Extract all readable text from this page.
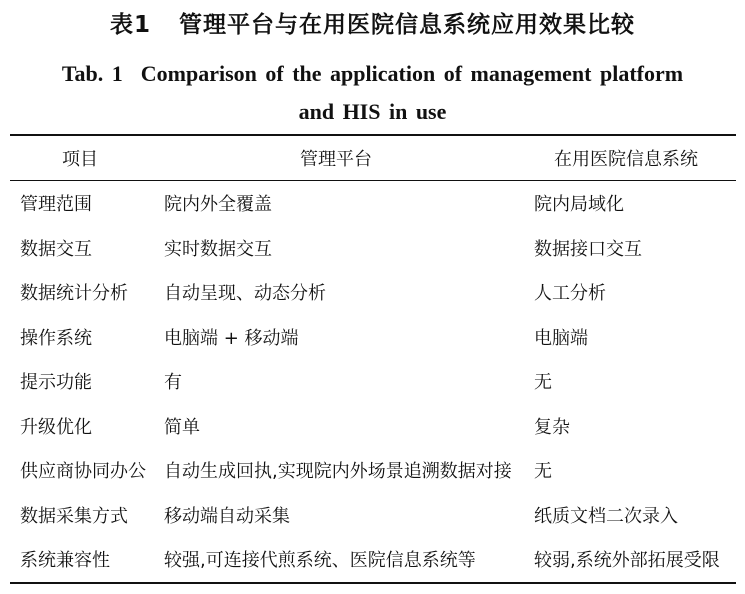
表1 管理平台与在用医院信息系统应用效果比较
Tab. 1 Comparison of the application of management platform
and HIS in use
项目	管理平台	在用医院信息系统
管理范围	院内外全覆盖	院内局域化
数据交互	实时数据交互	数据接口交互
数据统计分析	自动呈现、动态分析	人工分析
操作系统	电脑端 + 移动端	电脑端
提示功能	有	无
升级优化	简单	复杂
供应商协同办公	自动生成回执,实现院内外场景追溯数据对接	无
数据采集方式	移动端自动采集	纸质文档二次录入
系统兼容性	较强,可连接代煎系统、医院信息系统等	较弱,系统外部拓展受限
